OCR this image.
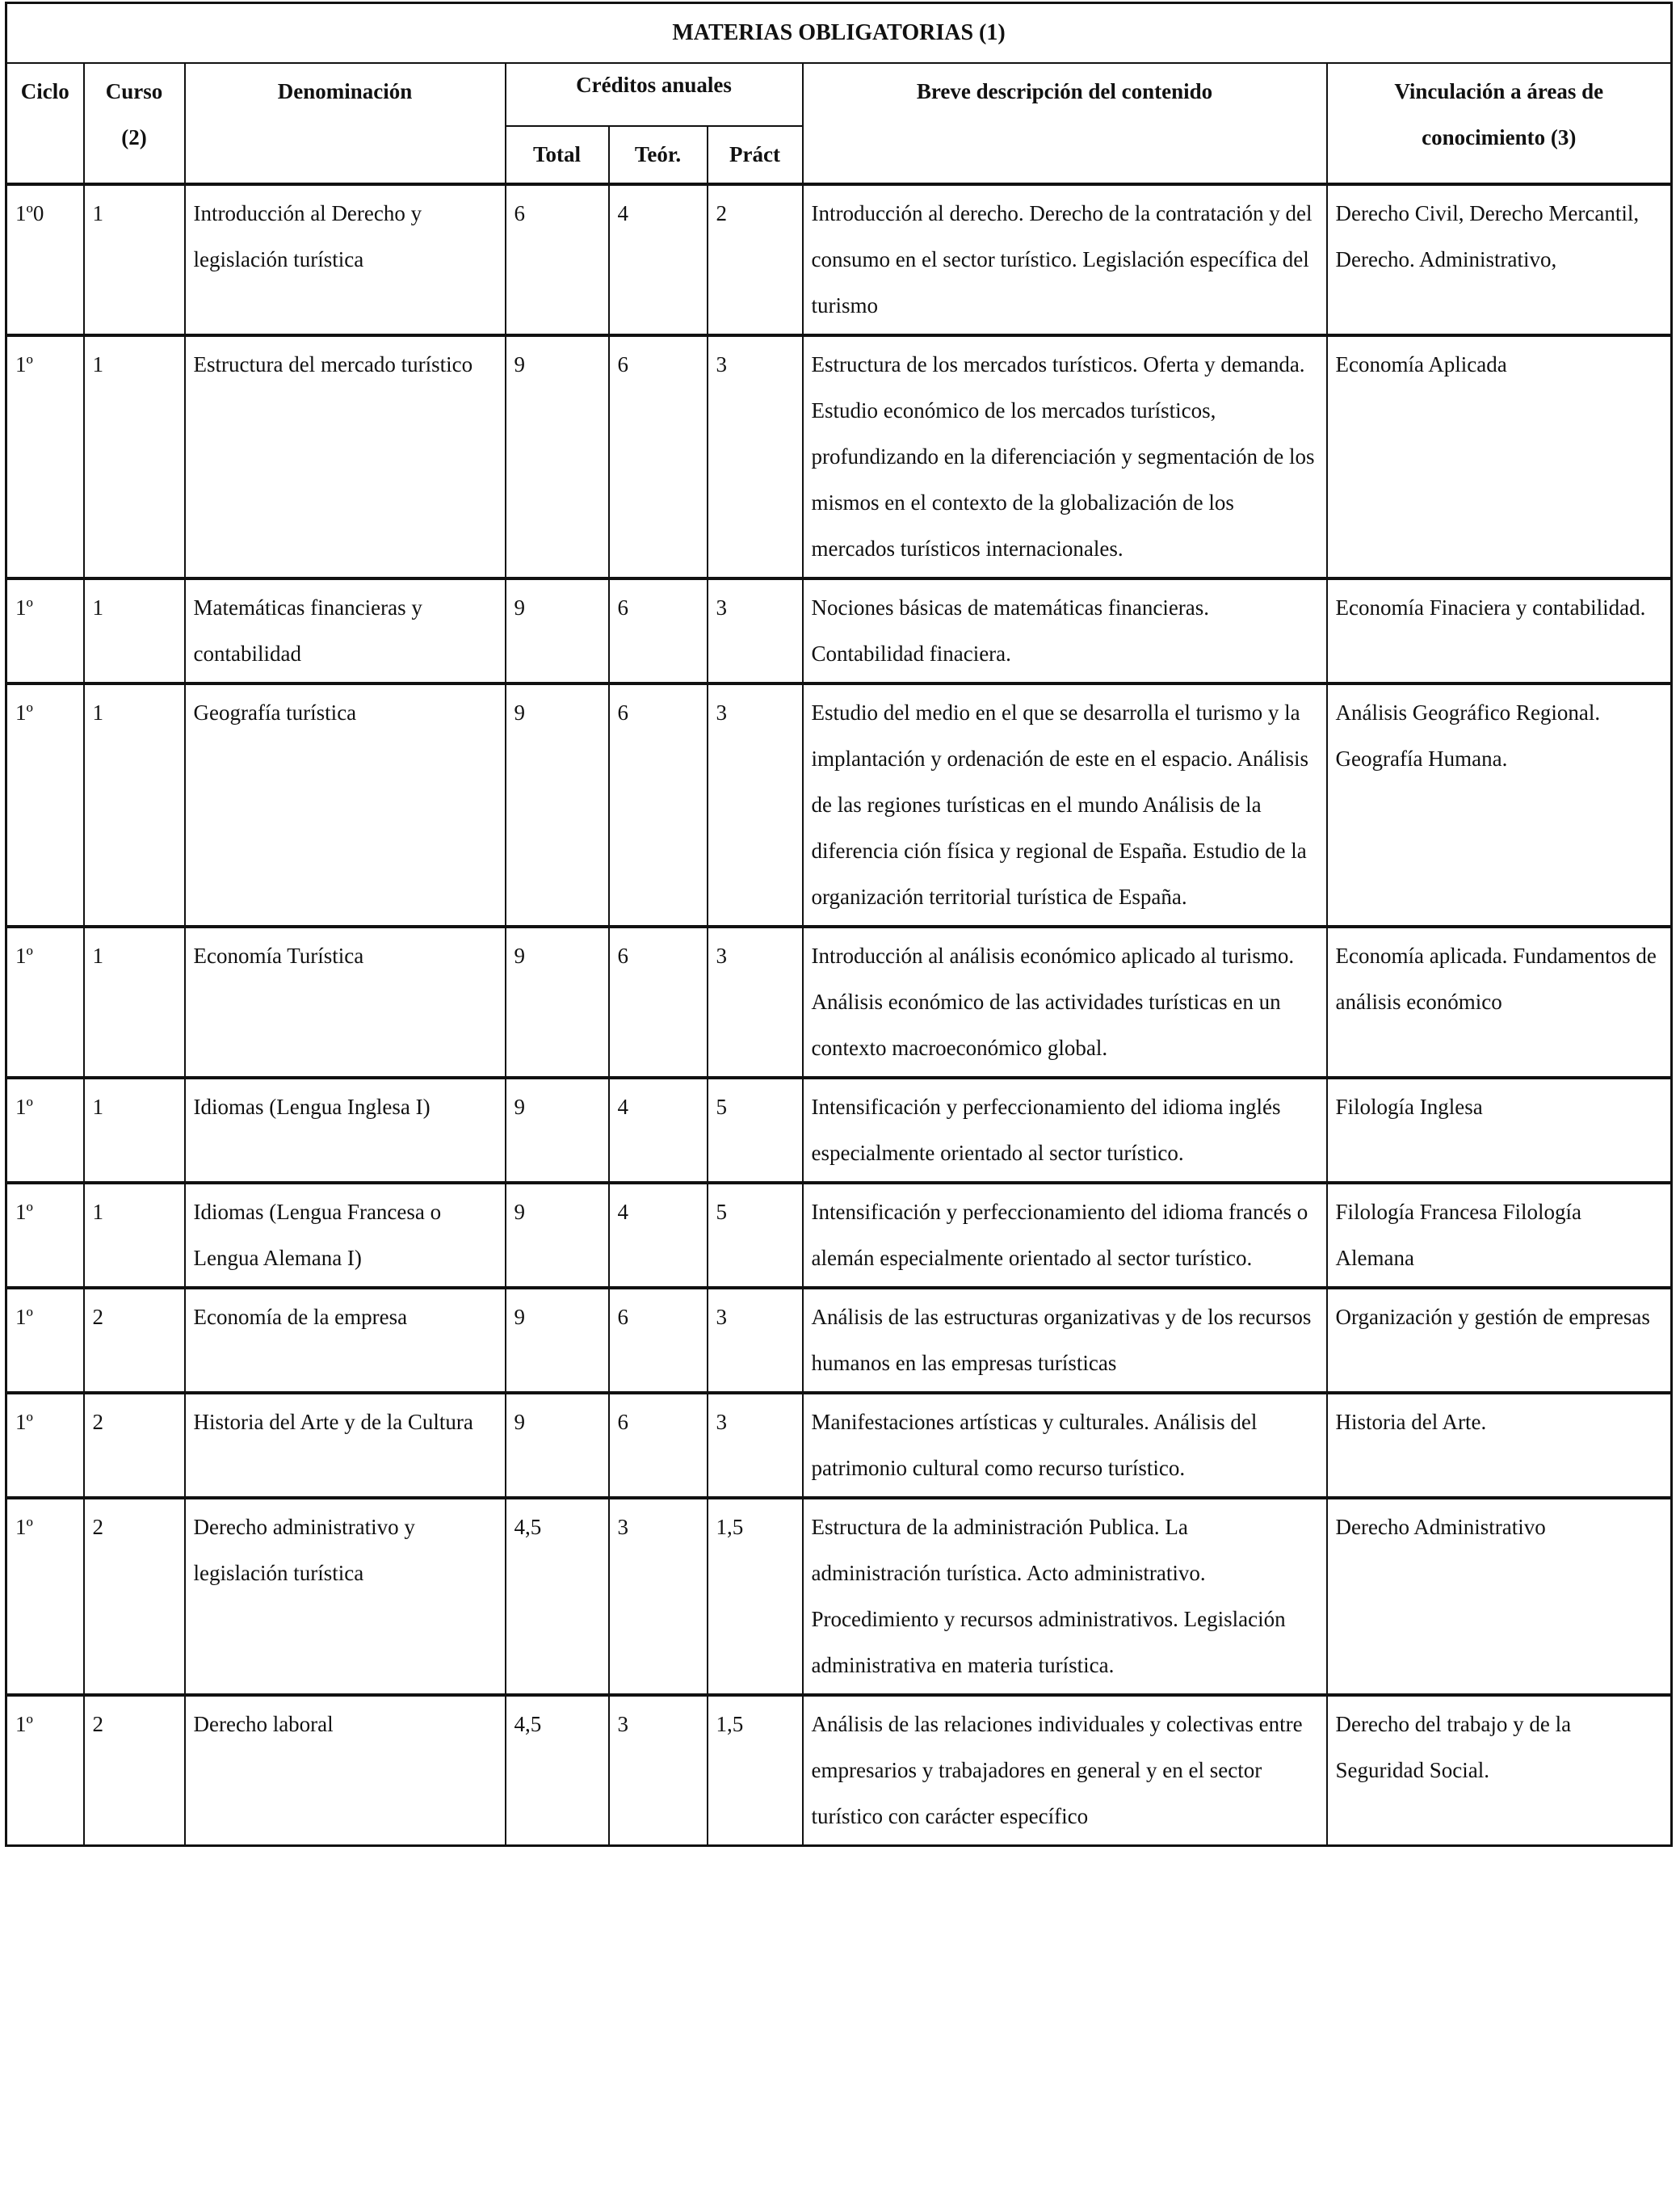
MATERIAS OBLIGATORIAS (1)							
Ciclo	Curso (2)	Denominación	Créditos anuales			Breve descripción del contenido	Vinculación a áreas de conocimiento (3)
			Total	Teór.	Práct		
1º0	1	Introducción al Derecho y legislación turística	6	4	2	Introducción al derecho. Derecho de la contratación y del consumo en el sector turístico. Legislación específica del turismo	Derecho Civil, Derecho Mercantil, Derecho. Administrativo,
1º	1	Estructura del mercado turístico	9	6	3	Estructura de los mercados turísticos. Oferta y demanda. Estudio económico de los mercados turísticos, profundizando en la diferenciación y segmentación de los mismos en el contexto de la globalización de los mercados turísticos internacionales.	Economía Aplicada
1º	1	Matemáticas financieras y contabilidad	9	6	3	Nociones básicas de matemáticas financieras. Contabilidad finaciera.	Economía Finaciera y contabilidad.
1º	1	Geografía turística	9	6	3	Estudio del medio en el que se desarrolla el turismo y la implantación y ordenación de este en el espacio. Análisis de las regiones turísticas en el mundo Análisis de la diferencia ción física y regional de España. Estudio de la organización territorial turística de España.	Análisis Geográfico Regional. Geografía Humana.
1º	1	Economía Turística	9	6	3	Introducción al análisis económico aplicado al turismo. Análisis económico de las actividades turísticas en un contexto macroeconómico global.	Economía aplicada. Fundamentos de análisis económico
1º	1	Idiomas (Lengua Inglesa I)	9	4	5	Intensificación y perfeccionamiento del idioma inglés especialmente orientado al sector turístico.	Filología Inglesa
1º	1	Idiomas (Lengua Francesa o Lengua Alemana I)	9	4	5	Intensificación y perfeccionamiento del idioma francés o alemán especialmente orientado al sector turístico.	Filología Francesa Filología Alemana
1º	2	Economía de la empresa	9	6	3	Análisis de las estructuras organizativas y de los recursos humanos en las empresas turísticas	Organización y gestión de empresas
1º	2	Historia del Arte y de la Cultura	9	6	3	Manifestaciones artísticas y culturales. Análisis del patrimonio cultural como recurso turístico.	Historia del Arte.
1º	2	Derecho administrativo y legislación turística	4,5	3	1,5	Estructura de la administración Publica. La administración turística. Acto administrativo. Procedimiento y recursos administrativos. Legislación administrativa en materia turística.	Derecho Administrativo
1º	2	Derecho laboral	4,5	3	1,5	Análisis de las relaciones individuales y colectivas entre empresarios y trabajadores en general y en el sector turístico con carácter específico	Derecho del trabajo y de la Seguridad Social.
